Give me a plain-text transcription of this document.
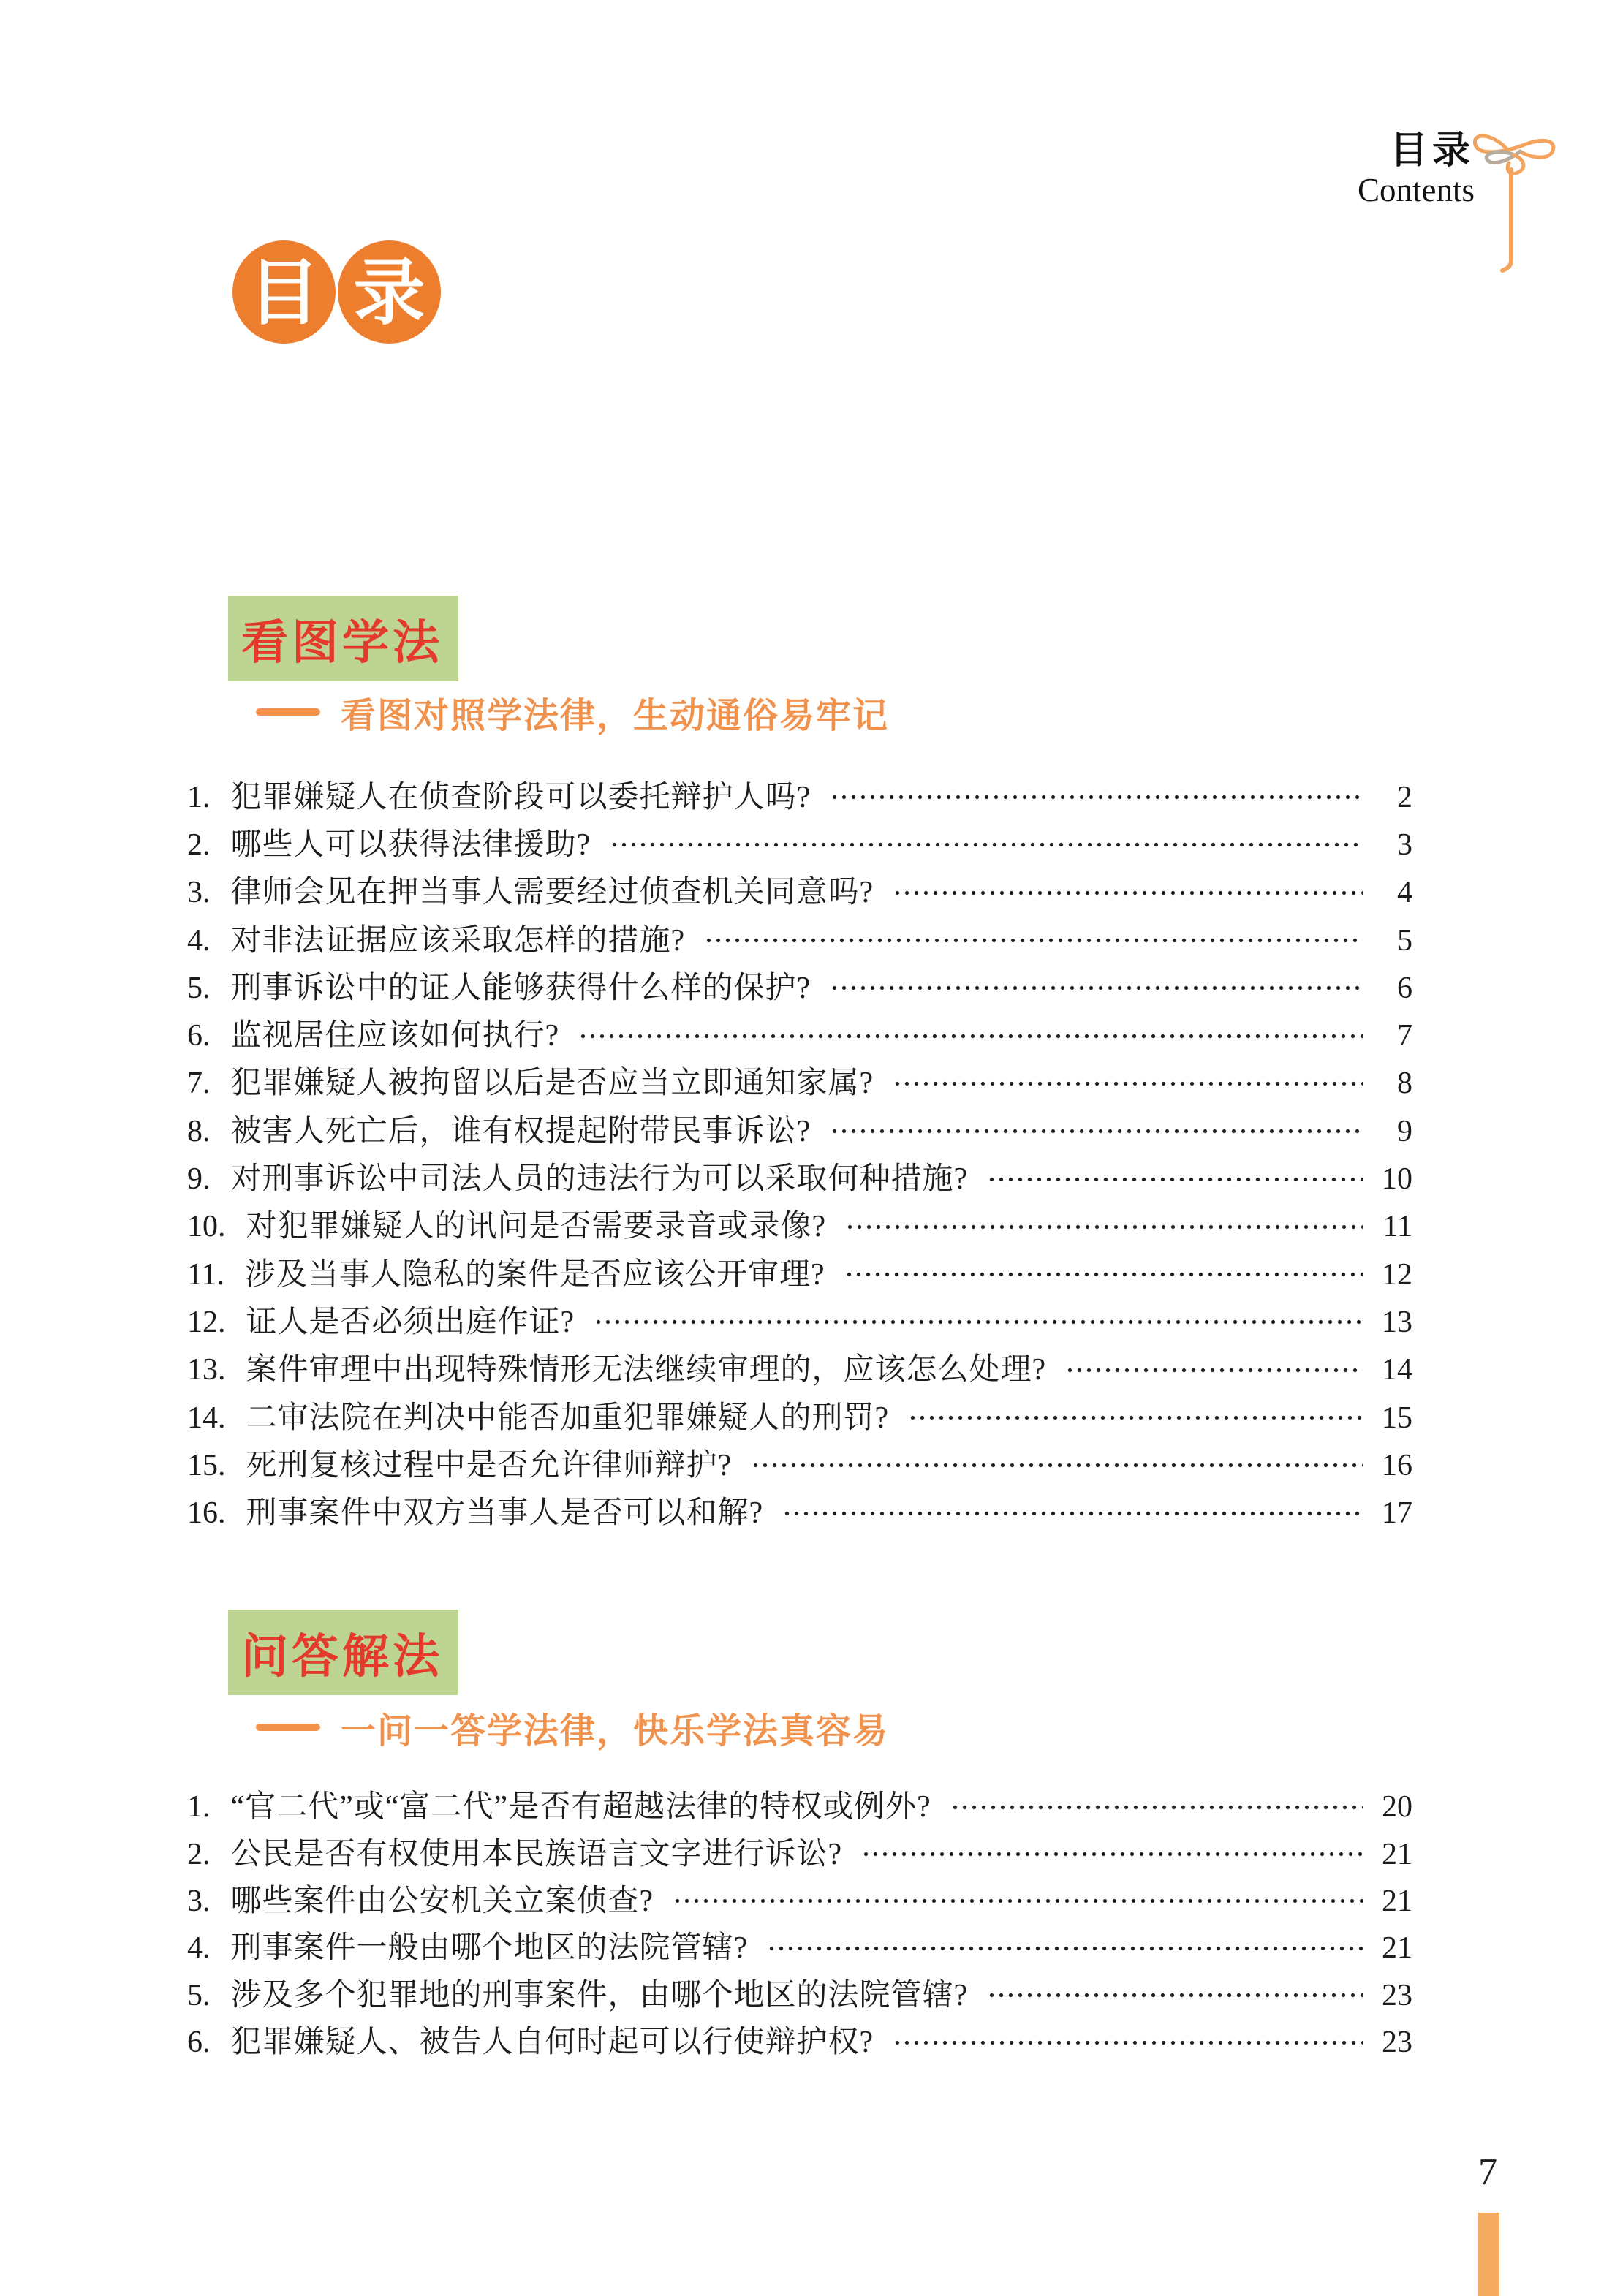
目录
Contents
目 录
看图学法
看图对照学法律，生动通俗易牢记
1. 犯罪嫌疑人在侦查阶段可以委托辩护人吗?	2
2. 哪些人可以获得法律援助?	3
3. 律师会见在押当事人需要经过侦查机关同意吗?	4
4. 对非法证据应该采取怎样的措施?	5
5. 刑事诉讼中的证人能够获得什么样的保护?	6
6. 监视居住应该如何执行?	7
7. 犯罪嫌疑人被拘留以后是否应当立即通知家属?	8
8. 被害人死亡后，谁有权提起附带民事诉讼?	9
9. 对刑事诉讼中司法人员的违法行为可以采取何种措施?	10
10. 对犯罪嫌疑人的讯问是否需要录音或录像?	11
11. 涉及当事人隐私的案件是否应该公开审理?	12
12. 证人是否必须出庭作证?	13
13. 案件审理中出现特殊情形无法继续审理的，应该怎么处理?	14
14. 二审法院在判决中能否加重犯罪嫌疑人的刑罚?	15
15. 死刑复核过程中是否允许律师辩护?	16
16. 刑事案件中双方当事人是否可以和解?	17
问答解法
一问一答学法律，快乐学法真容易
1. “官二代”或“富二代”是否有超越法律的特权或例外?	20
2. 公民是否有权使用本民族语言文字进行诉讼?	21
3. 哪些案件由公安机关立案侦查?	21
4. 刑事案件一般由哪个地区的法院管辖?	21
5. 涉及多个犯罪地的刑事案件，由哪个地区的法院管辖?	23
6. 犯罪嫌疑人、被告人自何时起可以行使辩护权?	23
7
